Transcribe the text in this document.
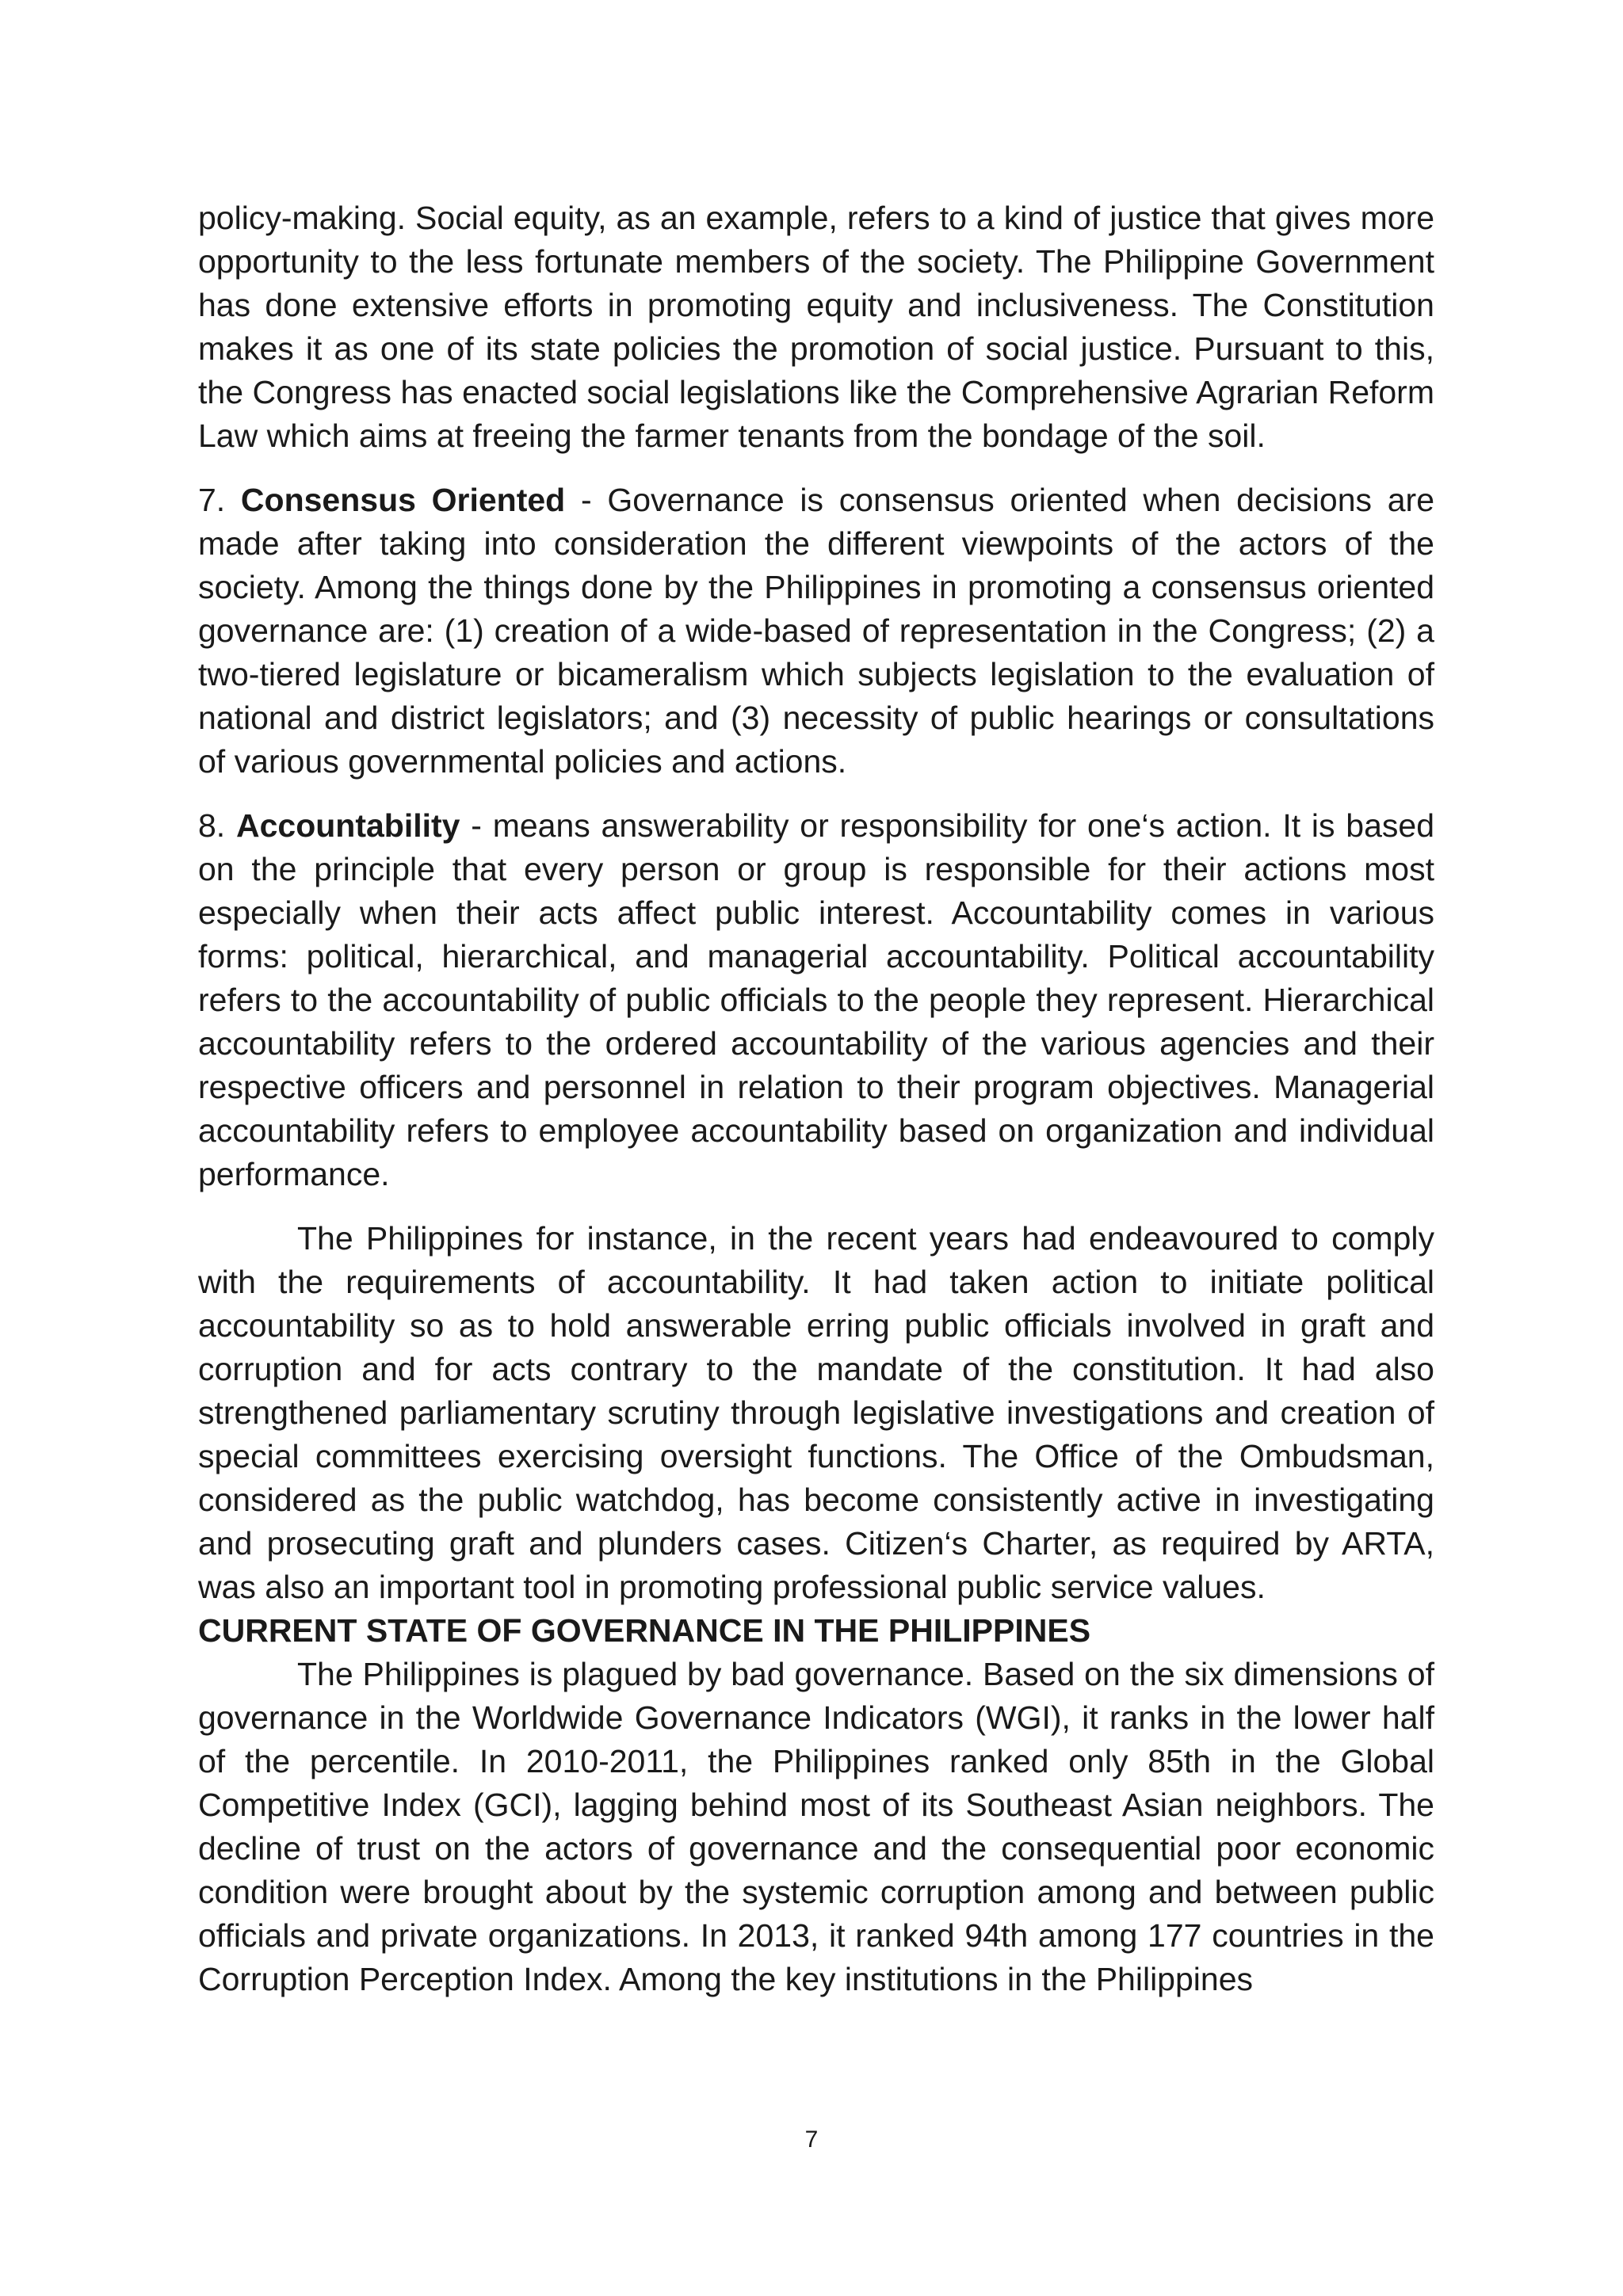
policy-making. Social equity, as an example, refers to a kind of justice that gives more opportunity to the less fortunate members of the society. The Philippine Government has done extensive efforts in promoting equity and inclusiveness. The Constitution makes it as one of its state policies the promotion of social justice. Pursuant to this, the Congress has enacted social legislations like the Comprehensive Agrarian Reform Law which aims at freeing the farmer tenants from the bondage of the soil.

7. Consensus Oriented - Governance is consensus oriented when decisions are made after taking into consideration the different viewpoints of the actors of the society. Among the things done by the Philippines in promoting a consensus oriented governance are: (1) creation of a wide-based of representation in the Congress; (2) a two-tiered legislature or bicameralism which subjects legislation to the evaluation of national and district legislators; and (3) necessity of public hearings or consultations of various governmental policies and actions.

8. Accountability - means answerability or responsibility for one‘s action. It is based on the principle that every person or group is responsible for their actions most especially when their acts affect public interest. Accountability comes in various forms: political, hierarchical, and managerial accountability. Political accountability refers to the accountability of public officials to the people they represent. Hierarchical accountability refers to the ordered accountability of the various agencies and their respective officers and personnel in relation to their program objectives. Managerial accountability refers to employee accountability based on organization and individual performance.

The Philippines for instance, in the recent years had endeavoured to comply with the requirements of accountability. It had taken action to initiate political accountability so as to hold answerable erring public officials involved in graft and corruption and for acts contrary to the mandate of the constitution. It had also strengthened parliamentary scrutiny through legislative investigations and creation of special committees exercising oversight functions. The Office of the Ombudsman, considered as the public watchdog, has become consistently active in investigating and prosecuting graft and plunders cases. Citizen‘s Charter, as required by ARTA, was also an important tool in promoting professional public service values.

CURRENT STATE OF GOVERNANCE IN THE PHILIPPINES

The Philippines is plagued by bad governance. Based on the six dimensions of governance in the Worldwide Governance Indicators (WGI), it ranks in the lower half of the percentile. In 2010-2011, the Philippines ranked only 85th in the Global Competitive Index (GCI), lagging behind most of its Southeast Asian neighbors. The decline of trust on the actors of governance and the consequential poor economic condition were brought about by the systemic corruption among and between public officials and private organizations. In 2013, it ranked 94th among 177 countries in the Corruption Perception Index. Among the key institutions in the Philippines

7
